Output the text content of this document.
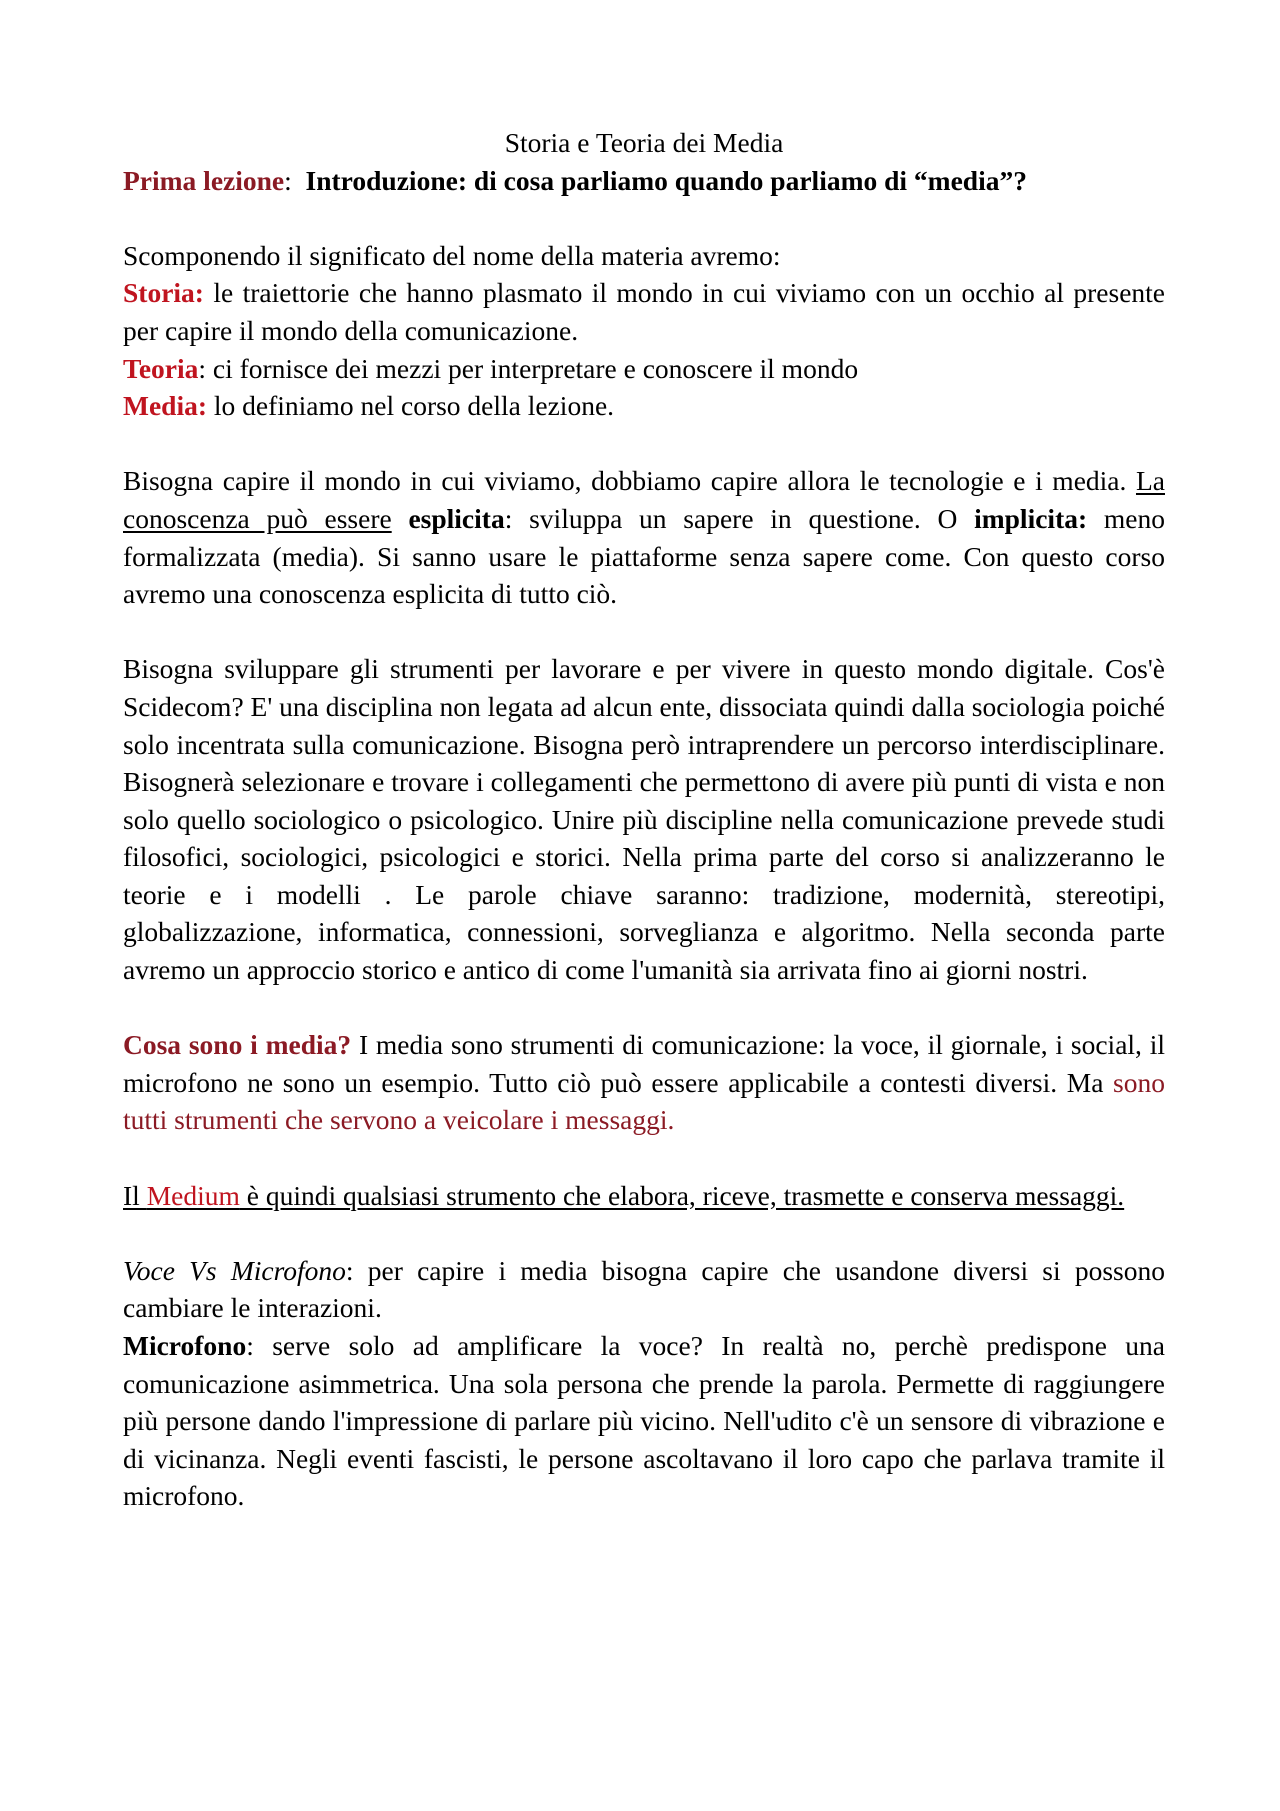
Storia e Teoria dei Media

Prima lezione: Introduzione: di cosa parliamo quando parliamo di “media”?

Scomponendo il significato del nome della materia avremo:

Storia: le traiettorie che hanno plasmato il mondo in cui viviamo con un occhio al presente per capire il mondo della comunicazione.

Teoria: ci fornisce dei mezzi per interpretare e conoscere il mondo

Media: lo definiamo nel corso della lezione.

Bisogna capire il mondo in cui viviamo, dobbiamo capire allora le tecnologie e i media. La conoscenza può essere esplicita: sviluppa un sapere in questione. O implicita: meno formalizzata (media). Si sanno usare le piattaforme senza sapere come. Con questo corso avremo una conoscenza esplicita di tutto ciò.

Bisogna sviluppare gli strumenti per lavorare e per vivere in questo mondo digitale. Cos'è Scidecom? E' una disciplina non legata ad alcun ente, dissociata quindi dalla sociologia poiché solo incentrata sulla comunicazione. Bisogna però intraprendere un percorso interdisciplinare. Bisognerà selezionare e trovare i collegamenti che permettono di avere più punti di vista e non solo quello sociologico o psicologico. Unire più discipline nella comunicazione prevede studi filosofici, sociologici, psicologici e storici. Nella prima parte del corso si analizzeranno le teorie e i modelli . Le parole chiave saranno: tradizione, modernità, stereotipi, globalizzazione, informatica, connessioni, sorveglianza e algoritmo. Nella seconda parte avremo un approccio storico e antico di come l'umanità sia arrivata fino ai giorni nostri.

Cosa sono i media? I media sono strumenti di comunicazione: la voce, il giornale, i social, il microfono ne sono un esempio. Tutto ciò può essere applicabile a contesti diversi. Ma sono tutti strumenti che servono a veicolare i messaggi.

Il Medium è quindi qualsiasi strumento che elabora, riceve, trasmette e conserva messaggi.

Voce Vs Microfono: per capire i media bisogna capire che usandone diversi si possono cambiare le interazioni.

Microfono: serve solo ad amplificare la voce? In realtà no, perchè predispone una comunicazione asimmetrica. Una sola persona che prende la parola. Permette di raggiungere più persone dando l'impressione di parlare più vicino. Nell'udito c'è un sensore di vibrazione e di vicinanza. Negli eventi fascisti, le persone ascoltavano il loro capo che parlava tramite il microfono.
